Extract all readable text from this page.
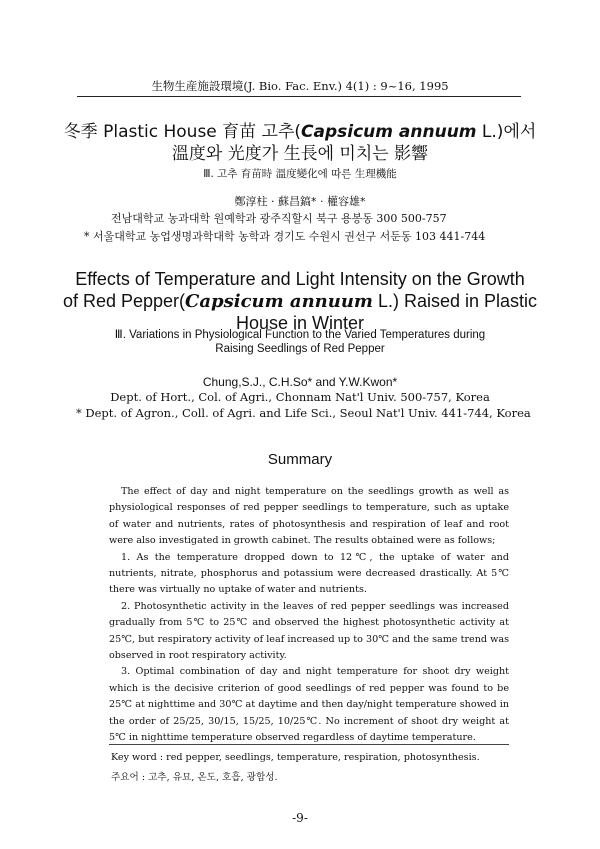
生物生産施設環境(J. Bio. Fac. Env.) 4(1) : 9~16, 1995
冬季 Plastic House 育苗 고추(Capsicum annuum L.)에서
溫度와 光度가 生長에 미치는 影響
Ⅲ. 고추 育苗時 溫度變化에 따른 生理機能
鄭淳柱 · 蘇昌鎬* · 權容雄*
전남대학교 농과대학 원예학과 광주직할시 북구 용봉동 300 500-757
* 서울대학교 농업생명과학대학 농학과 경기도 수원시 권선구 서둔동 103 441-744
Effects of Temperature and Light Intensity on the Growth
of Red Pepper(Capsicum annuum L.) Raised in Plastic
House in Winter
Ⅲ. Variations in Physiological Function to the Varied Temperatures during
Raising Seedlings of Red Pepper
Chung,S.J., C.H.So* and Y.W.Kwon*
Dept. of Hort., Col. of Agri., Chonnam Nat'l Univ. 500-757, Korea
* Dept. of Agron., Coll. of Agri. and Life Sci., Seoul Nat'l Univ. 441-744, Korea
Summary

The effect of day and night temperature on the seedlings growth as well as physiological responses of red pepper seedlings to temperature, such as uptake of water and nutrients, rates of photosynthesis and respiration of leaf and root were also investigated in growth cabinet. The results obtained were as follows;

1. As the temperature dropped down to 12℃, the uptake of water and nutrients, nitrate, phosphorus and potassium were decreased drastically. At 5℃ there was virtually no uptake of water and nutrients.

2. Photosynthetic activity in the leaves of red pepper seedlings was increased gradually from 5℃ to 25℃ and observed the highest photosynthetic activity at 25℃, but respiratory activity of leaf increased up to 30℃ and the same trend was observed in root respiratory activity.

3. Optimal combination of day and night temperature for shoot dry weight which is the decisive criterion of good seedlings of red pepper was found to be 25℃ at nighttime and 30℃ at daytime and then day/night temperature showed in the order of 25/25, 30/15, 15/25, 10/25℃. No increment of shoot dry weight at 5℃ in nighttime temperature observed regardless of daytime temperature.

Key word : red pepper, seedlings, temperature, respiration, photosynthesis.
주요어 : 고추, 유묘, 온도, 호흡, 광합성.
-9-
